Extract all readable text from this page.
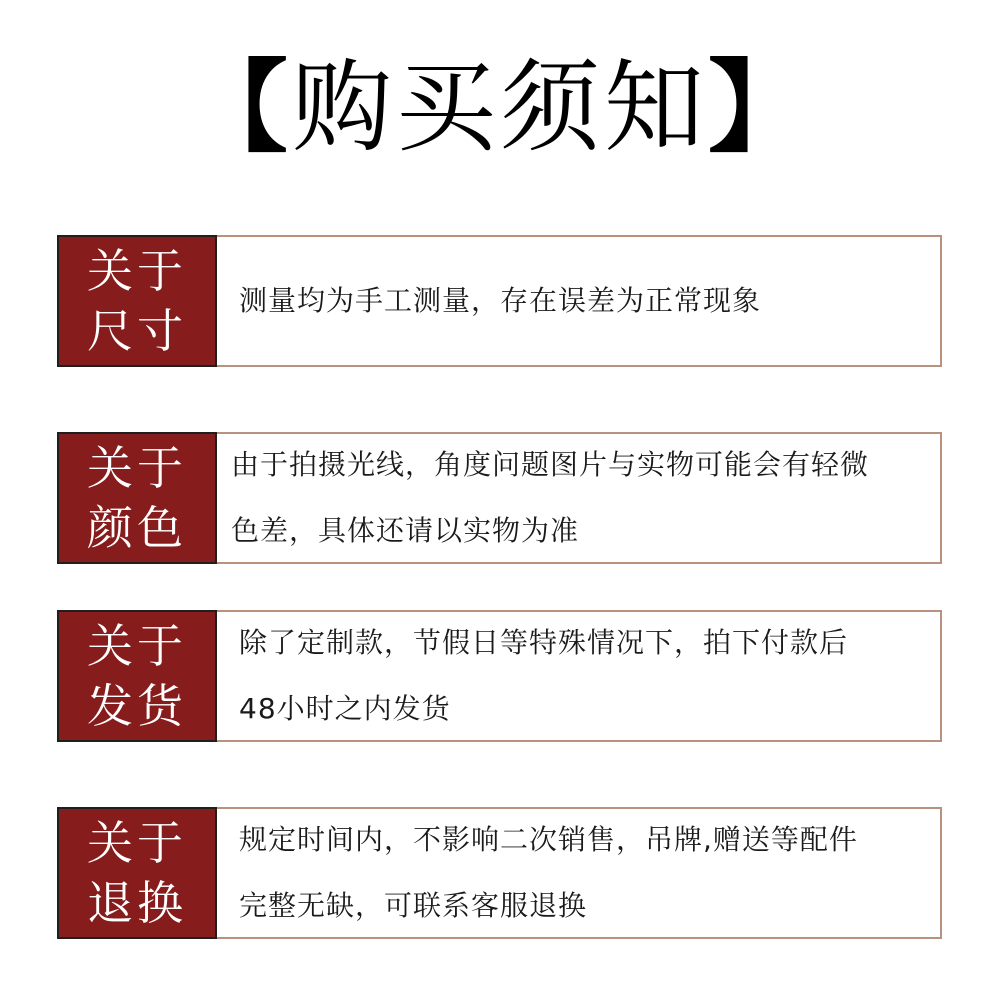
【 购买须知 】
关于
尺寸
测量均为手工测量，存在误差为正常现象
关于
颜色
由于拍摄光线，角度问题图片与实物可能会有轻微
色差，具体还请以实物为准
关于
发货
除了定制款，节假日等特殊情况下，拍下付款后
48小时之内发货
关于
退换
规定时间内，不影响二次销售，吊牌,赠送等配件
完整无缺，可联系客服退换
